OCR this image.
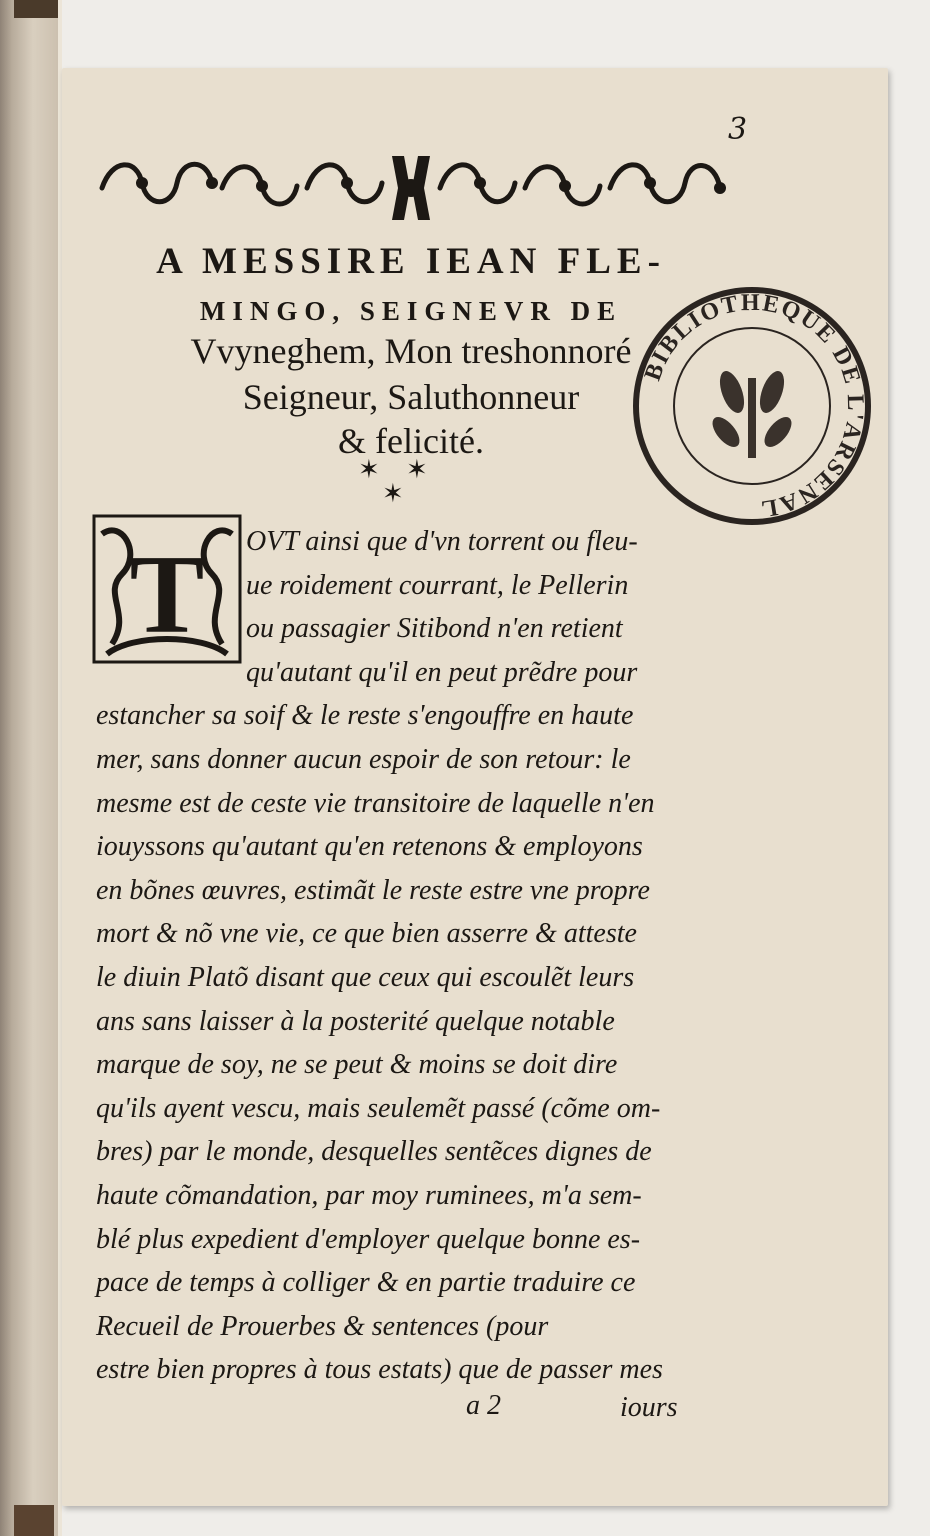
3
A MESSIRE IEAN FLE-
MINGO, SEIGNEVR DE
Vvyneghem, Mon treshonnoré
Seigneur, Saluthonneur
& felicité.
✶ ✶
✶
T
BIBLIOTHEQUE DE L'ARSENAL
OVT ainsi que d'vn torrent ou fleu-
ue roidement courrant, le Pellerin
ou passagier Sitibond n'en retient
qu'autant qu'il en peut prẽdre pour
estancher sa soif & le reste s'engouffre en haute
mer, sans donner aucun espoir de son retour: le
mesme est de ceste vie transitoire de laquelle n'en
iouyssons qu'autant qu'en retenons & employons
en bõnes œuvres, estimãt le reste estre vne propre
mort & nõ vne vie, ce que bien asserre & atteste
le diuin Platõ disant que ceux qui escoulẽt leurs
ans sans laisser à la posterité quelque notable
marque de soy, ne se peut & moins se doit dire
qu'ils ayent vescu, mais seulemẽt passé (cõme om-
bres) par le monde, desquelles sentẽces dignes de
haute cõmandation, par moy ruminees, m'a sem-
blé plus expedient d'employer quelque bonne es-
pace de temps à colliger & en partie traduire ce
Recueil de Prouerbes & sentences (pour
estre bien propres à tous estats) que de passer mes
a 2	iours
